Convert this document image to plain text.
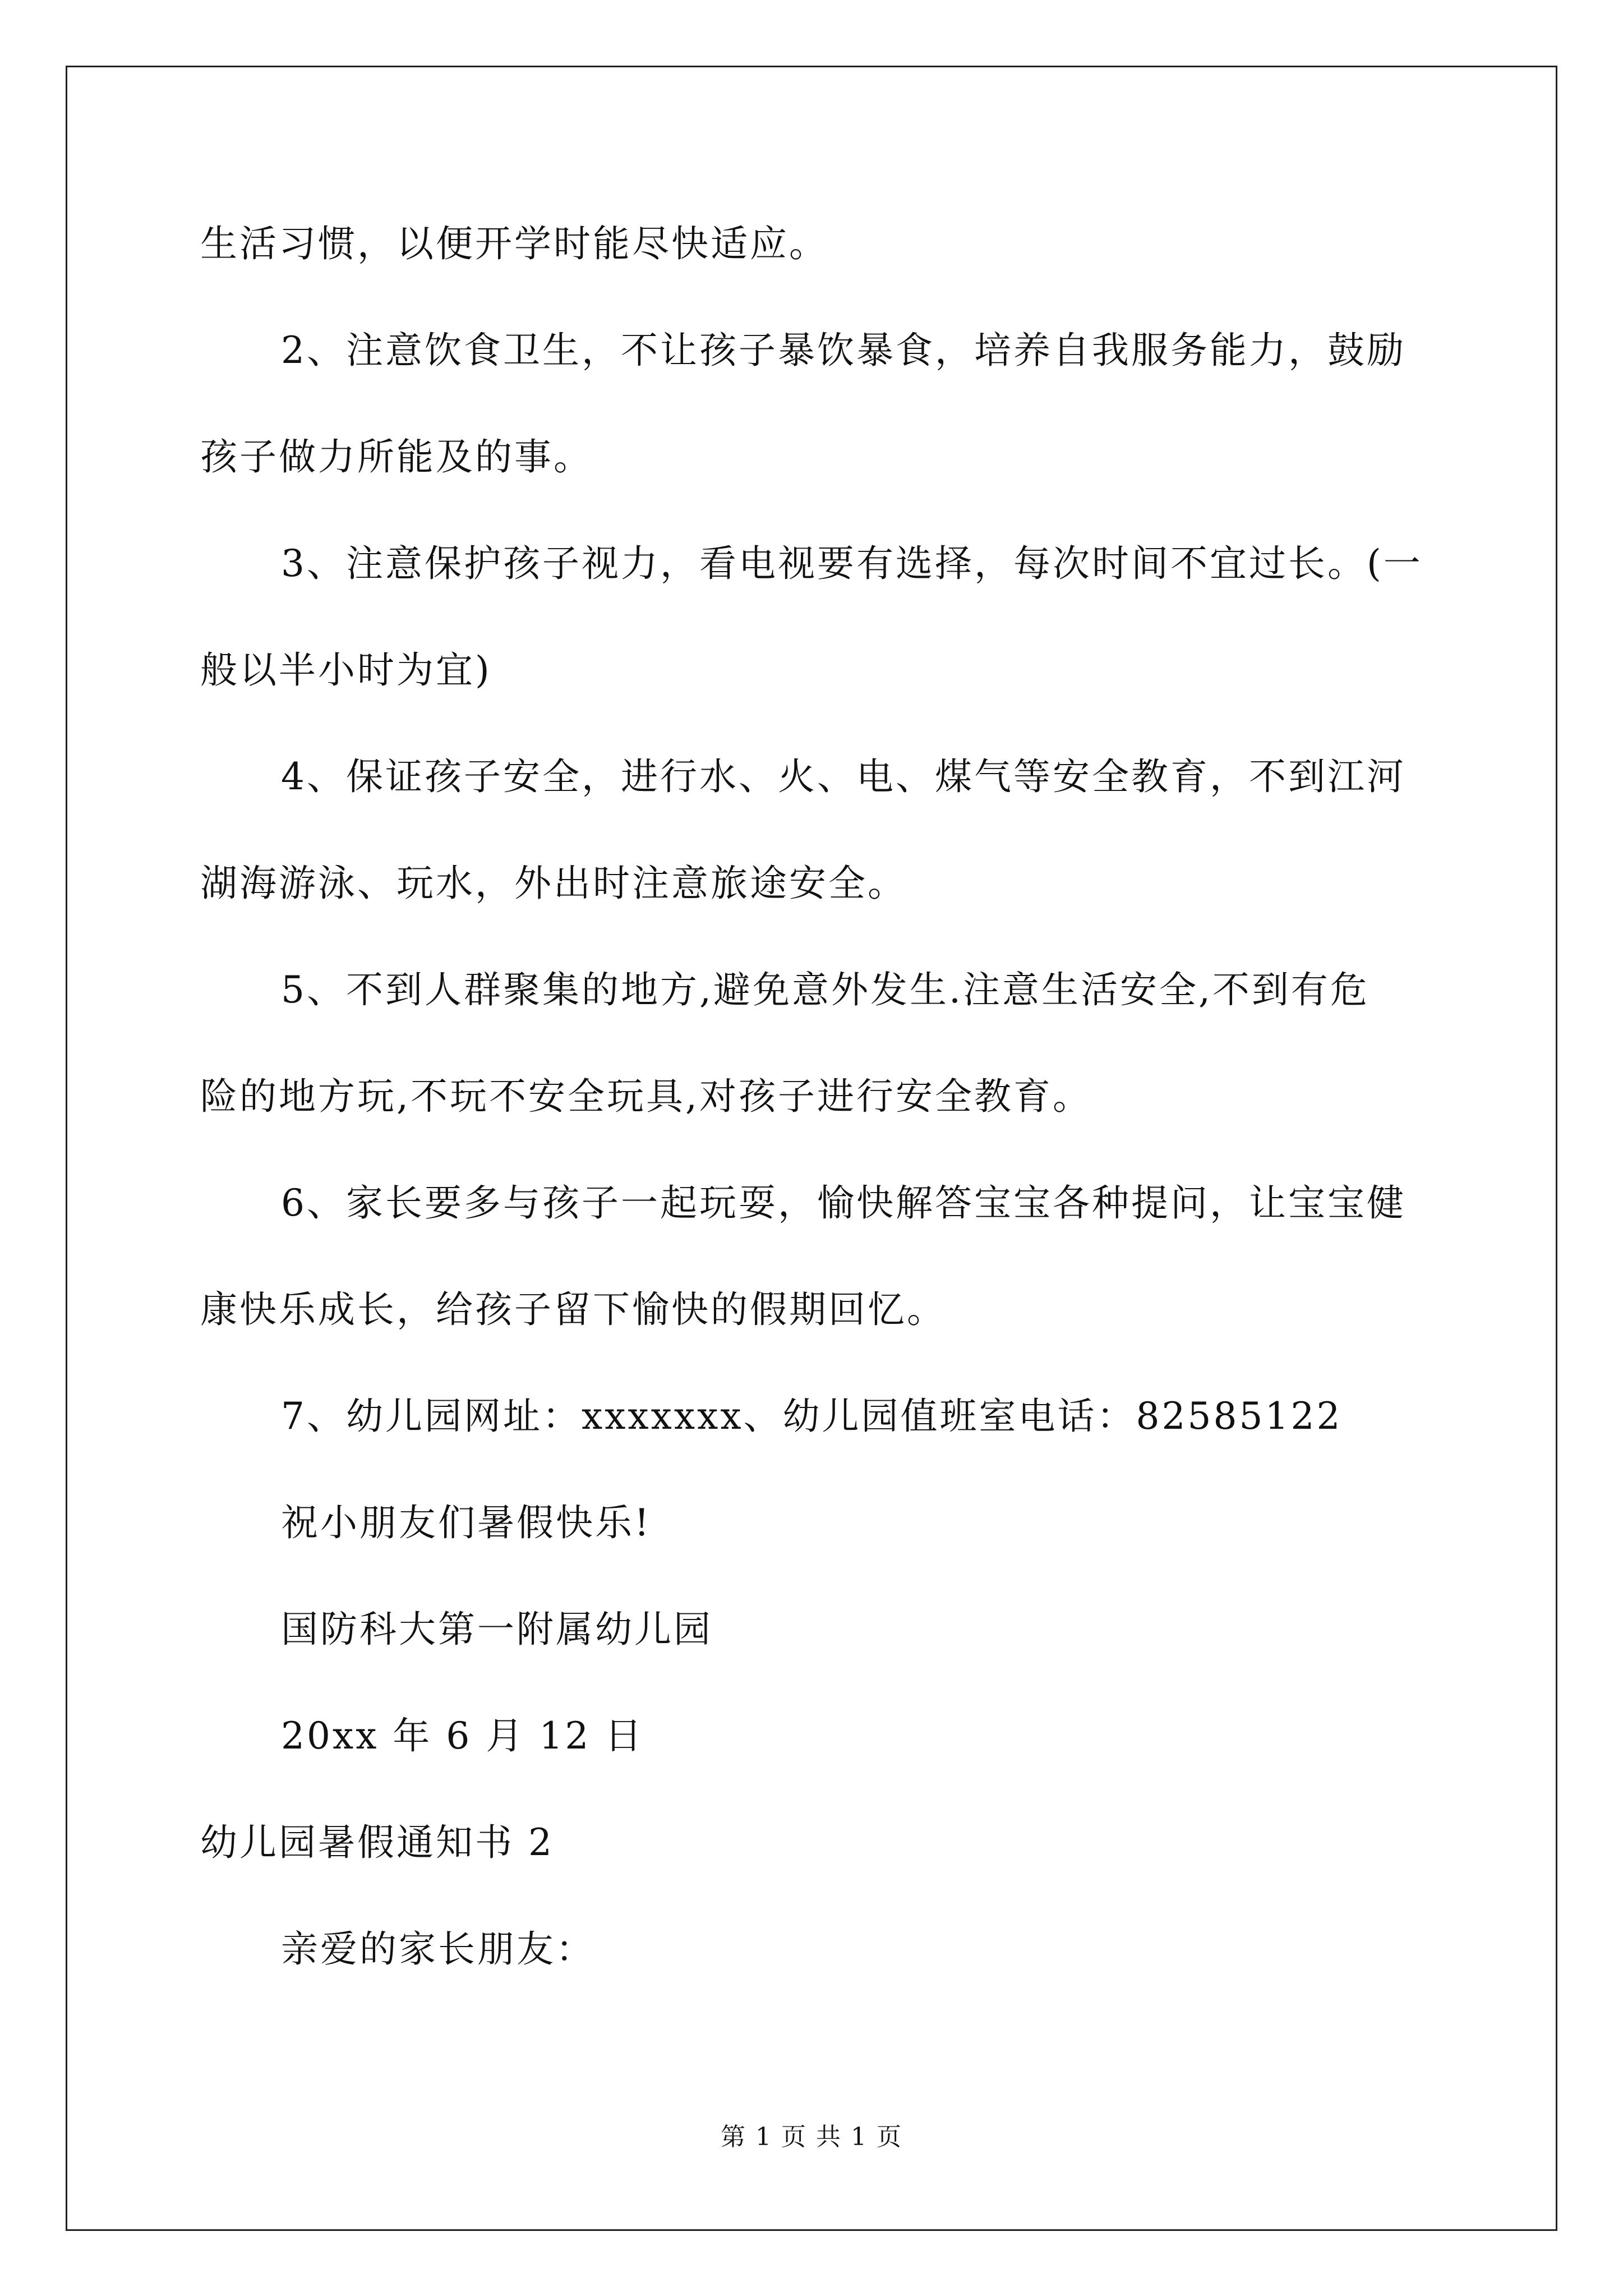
生活习惯，以便开学时能尽快适应。
2、注意饮食卫生，不让孩子暴饮暴食，培养自我服务能力，鼓励
孩子做力所能及的事。
3、注意保护孩子视力，看电视要有选择，每次时间不宜过长。(一
般以半小时为宜)
4、保证孩子安全，进行水、火、电、煤气等安全教育，不到江河
湖海游泳、玩水，外出时注意旅途安全。
5、不到人群聚集的地方,避免意外发生.注意生活安全,不到有危
险的地方玩,不玩不安全玩具,对孩子进行安全教育。
6、家长要多与孩子一起玩耍，愉快解答宝宝各种提问，让宝宝健
康快乐成长，给孩子留下愉快的假期回忆。
7、幼儿园网址：xxxxxxx、幼儿园值班室电话：82585122
祝小朋友们暑假快乐!
国防科大第一附属幼儿园
20xx 年 6 月 12 日
幼儿园暑假通知书 2
亲爱的家长朋友：
第 1 页 共 1 页
